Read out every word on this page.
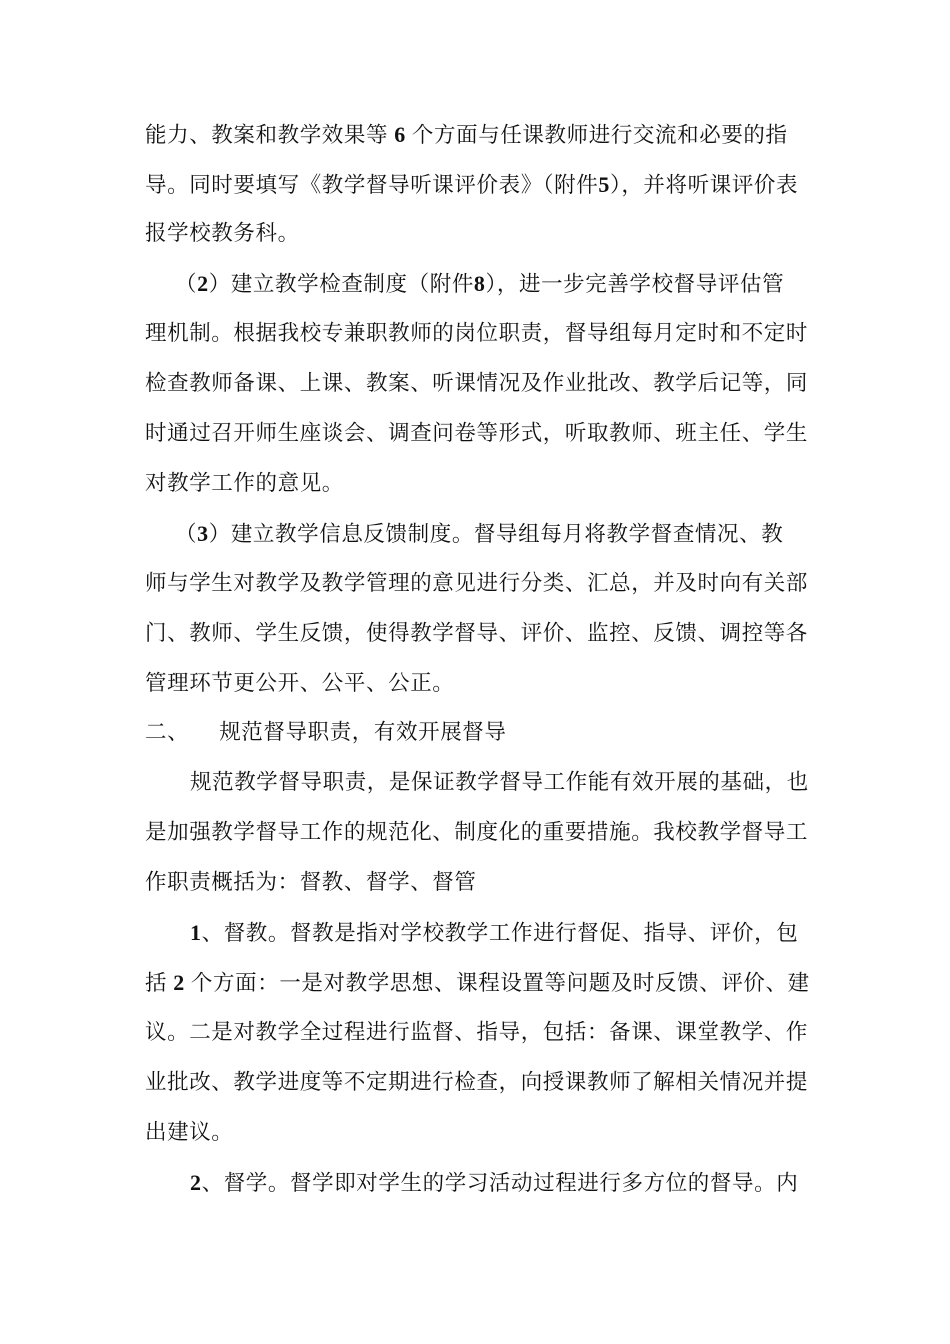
能力、教案和教学效果等 6 个方面与任课教师进行交流和必要的指
导。同时要填写《教学督导听课评价表》（附件5），并将听课评价表
报学校教务科。
（2）建立教学检查制度（附件8），进一步完善学校督导评估管
理机制。根据我校专兼职教师的岗位职责，督导组每月定时和不定时
检查教师备课、上课、教案、听课情况及作业批改、教学后记等，同
时通过召开师生座谈会、调查问卷等形式，听取教师、班主任、学生
对教学工作的意见。
（3）建立教学信息反馈制度。督导组每月将教学督查情况、教
师与学生对教学及教学管理的意见进行分类、汇总，并及时向有关部
门、教师、学生反馈，使得教学督导、评价、监控、反馈、调控等各
管理环节更公开、公平、公正。
二、 规范督导职责，有效开展督导
规范教学督导职责，是保证教学督导工作能有效开展的基础，也
是加强教学督导工作的规范化、制度化的重要措施。我校教学督导工
作职责概括为：督教、督学、督管
1、督教。督教是指对学校教学工作进行督促、指导、评价，包
括 2 个方面：一是对教学思想、课程设置等问题及时反馈、评价、建
议。二是对教学全过程进行监督、指导，包括：备课、课堂教学、作
业批改、教学进度等不定期进行检查，向授课教师了解相关情况并提
出建议。
2、督学。督学即对学生的学习活动过程进行多方位的督导。内
